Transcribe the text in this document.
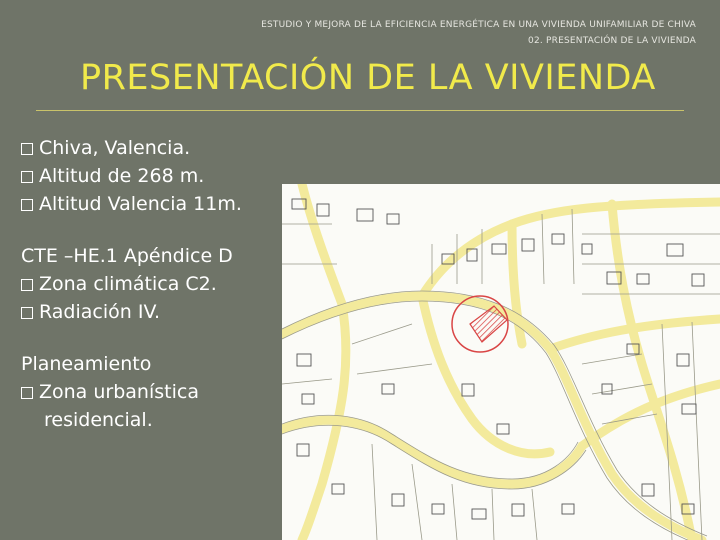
ESTUDIO Y MEJORA DE LA EFICIENCIA ENERGÉTICA EN UNA VIVIENDA UNIFAMILIAR DE CHIVA
02. PRESENTACIÓN DE LA VIVIENDA
PRESENTACIÓN DE LA VIVIENDA
Chiva, Valencia.
Altitud de 268 m.
Altitud Valencia 11m.
CTE –HE.1 Apéndice D
Zona climática C2.
Radiación IV.
Planeamiento
Zona urbanística
residencial.
